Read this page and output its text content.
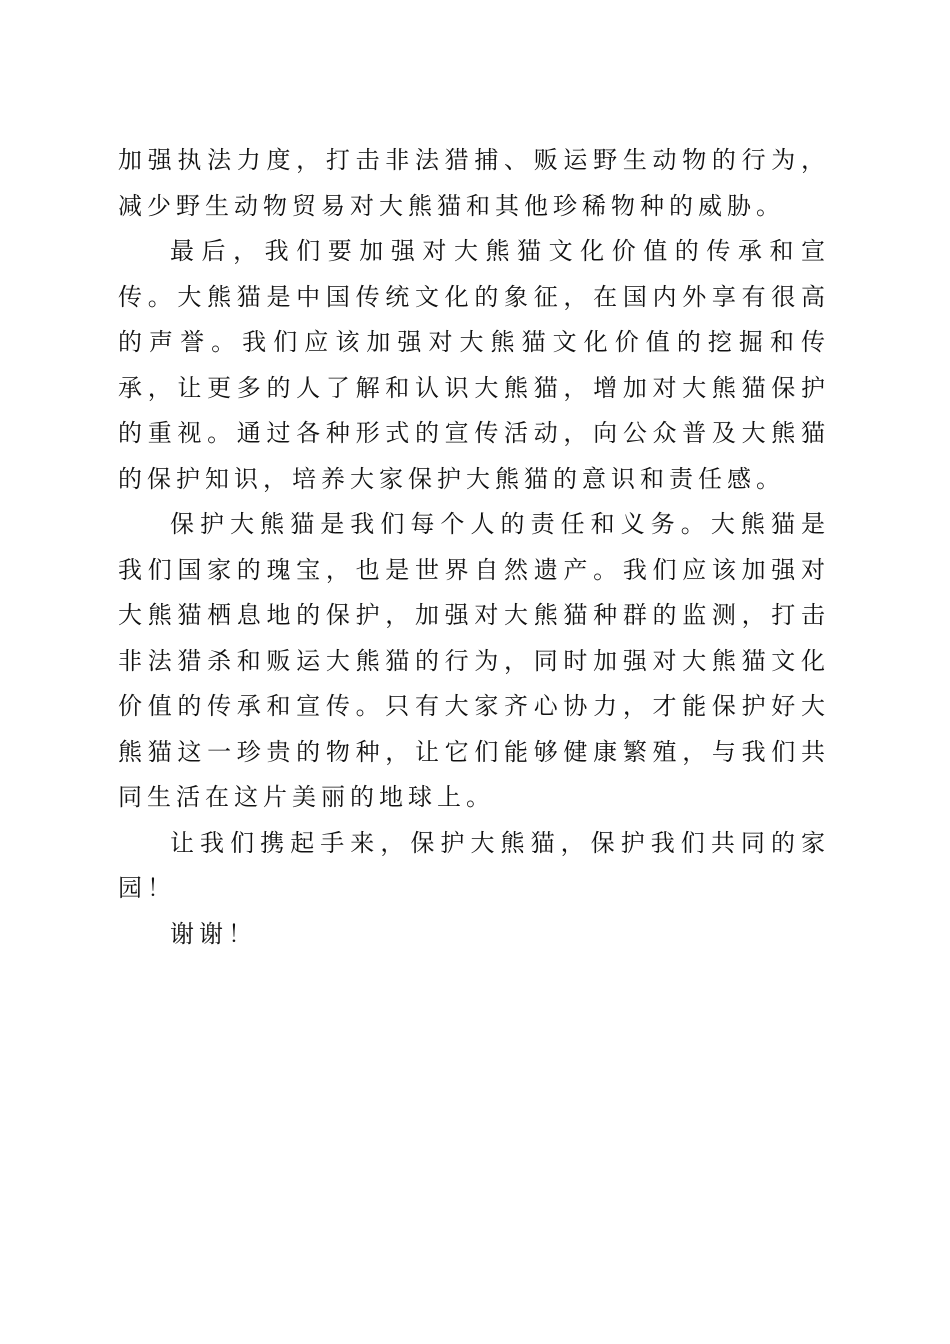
加强执法力度，打击非法猎捕、贩运野生动物的行为，减少野生动物贸易对大熊猫和其他珍稀物种的威胁。

最后，我们要加强对大熊猫文化价值的传承和宣传。大熊猫是中国传统文化的象征，在国内外享有很高的声誉。我们应该加强对大熊猫文化价值的挖掘和传承，让更多的人了解和认识大熊猫，增加对大熊猫保护的重视。通过各种形式的宣传活动，向公众普及大熊猫的保护知识，培养大家保护大熊猫的意识和责任感。

保护大熊猫是我们每个人的责任和义务。大熊猫是我们国家的瑰宝，也是世界自然遗产。我们应该加强对大熊猫栖息地的保护，加强对大熊猫种群的监测，打击非法猎杀和贩运大熊猫的行为，同时加强对大熊猫文化价值的传承和宣传。只有大家齐心协力，才能保护好大熊猫这一珍贵的物种，让它们能够健康繁殖，与我们共同生活在这片美丽的地球上。

让我们携起手来，保护大熊猫，保护我们共同的家园！

谢谢！
